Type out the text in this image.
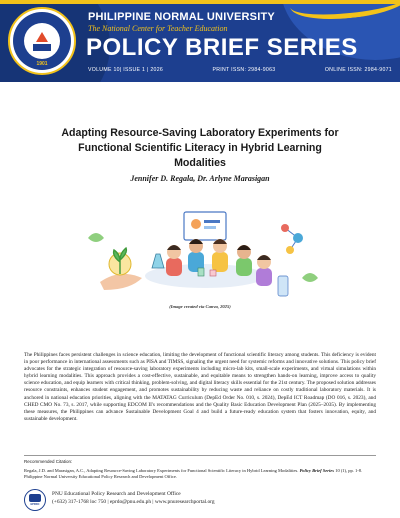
1901
PHILIPPINE NORMAL UNIVERSITY
The National Center for Teacher Education
POLICY BRIEF SERIES
VOLUME 10| ISSUE 1 | 2026	PRINT ISSN: 2984-9063	ONLINE ISSN: 2984-9071
Adapting Resource-Saving Laboratory Experiments for
Functional Scientific Literacy in Hybrid Learning
Modalities
Jennifer D. Regala, Dr. Arlyne Marasigan
(Image created via Canva, 2025)
The Philippines faces persistent challenges in science education, limiting the development of functional scientific literacy among students. This deficiency is evident in poor performance in international assessments such as PISA and TIMSS, signaling the urgent need for systemic reforms and innovative solutions. This policy brief advocates for the strategic integration of resource-saving laboratory experiments including micro-lab kits, small-scale experiments, and virtual simulations within hybrid learning modalities. This approach provides a cost-effective, sustainable, and equitable means to strengthen hands-on learning, improve access to quality science education, and equip learners with critical thinking, problem-solving, and digital literacy skills essential for the 21st century. The proposed solution addresses resource constraints, enhances student engagement, and promotes sustainability by reducing waste and reliance on costly traditional laboratory materials. It is anchored in national education priorities, aligning with the MATATAG Curriculum (DepEd Order No. 010, s. 2024), DepEd ICT Roadmap (DO 016, s. 2023), and CHED CMO No. 73, s. 2017, while supporting EDCOM II's recommendations and the Quality Basic Education Development Plan (2025–2035). By implementing these measures, the Philippines can advance Sustainable Development Goal 4 and build a future-ready education system that fosters innovation, equity, and sustainable development.
Recommended Citation:
Regala, J.D. and Marasigan, A.C., Adapting Resource-Saving Laboratory Experiments for Functional Scientific Literacy in Hybrid Learning Modalities. Policy Brief Series 10 (1), pp. 1-8. Philippine Normal University Educational Policy Research and Development Office.
EPRDC
PNU Educational Policy Research and Development Office
(+632) 317-1768 loc 750 | eprdo@pnu.edu.ph | www.pnuresearchportal.org
